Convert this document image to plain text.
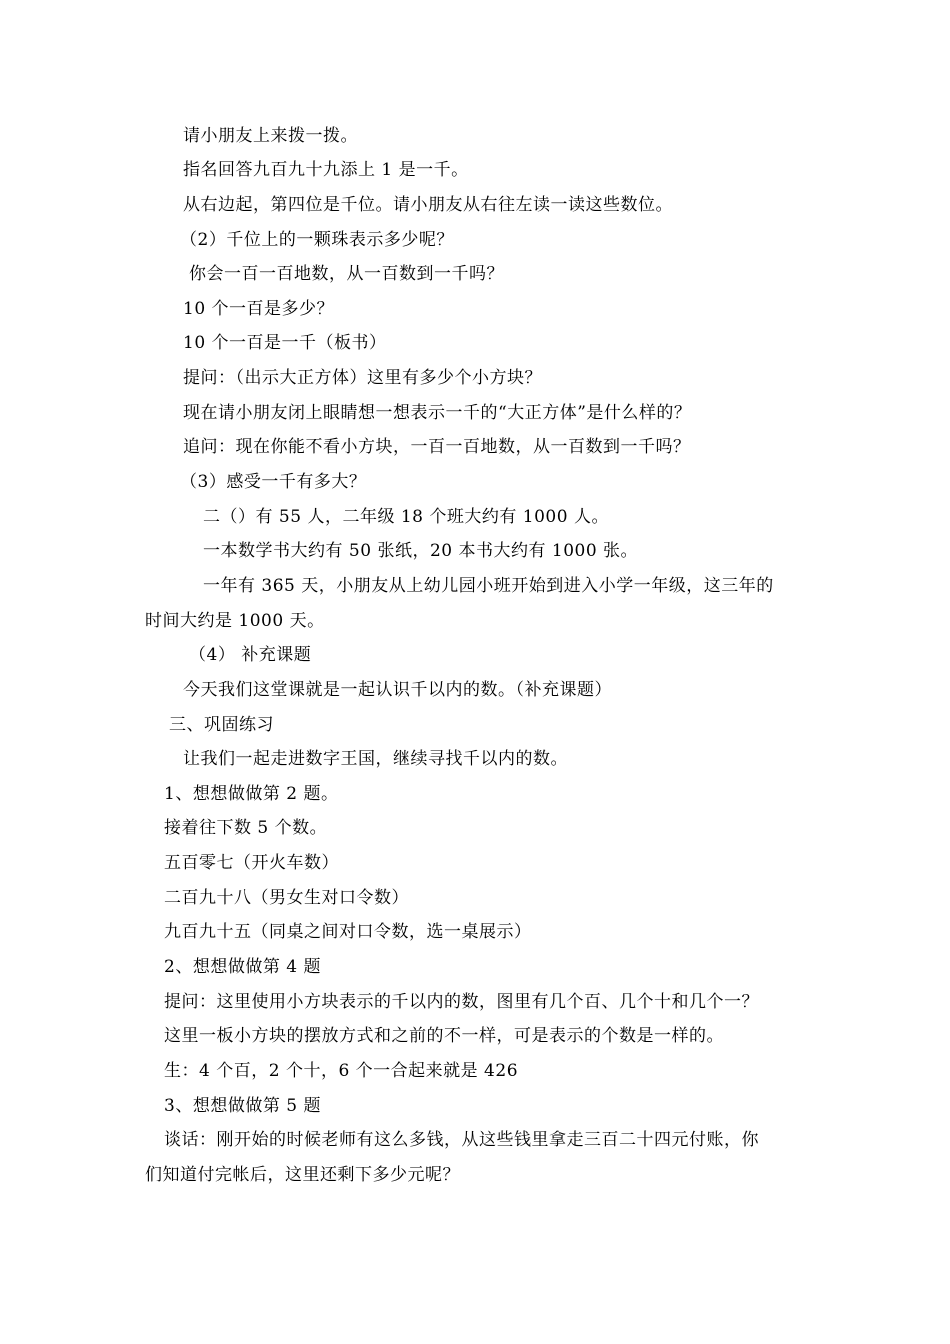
请小朋友上来拨一拨。
指名回答九百九十九添上 1 是一千。
从右边起，第四位是千位。请小朋友从右往左读一读这些数位。
（2）千位上的一颗珠表示多少呢？
你会一百一百地数，从一百数到一千吗？
10 个一百是多少？
10 个一百是一千（板书）
提问：（出示大正方体）这里有多少个小方块？
现在请小朋友闭上眼睛想一想表示一千的“大正方体”是什么样的？
追问：现在你能不看小方块，一百一百地数，从一百数到一千吗？
（3）感受一千有多大？
二（）有 55 人，二年级 18 个班大约有 1000 人。
一本数学书大约有 50 张纸，20 本书大约有 1000 张。
一年有 365 天，小朋友从上幼儿园小班开始到进入小学一年级，这三年的
时间大约是 1000 天。
（4） 补充课题
今天我们这堂课就是一起认识千以内的数。（补充课题）
三、巩固练习
让我们一起走进数字王国，继续寻找千以内的数。
1、想想做做第 2 题。
接着往下数 5 个数。
五百零七（开火车数）
二百九十八（男女生对口令数）
九百九十五（同桌之间对口令数，选一桌展示）
2、想想做做第 4 题
提问：这里使用小方块表示的千以内的数，图里有几个百、几个十和几个一？
这里一板小方块的摆放方式和之前的不一样，可是表示的个数是一样的。
生：4 个百，2 个十，6 个一合起来就是 426
3、想想做做第 5 题
谈话：刚开始的时候老师有这么多钱，从这些钱里拿走三百二十四元付账，你
们知道付完帐后，这里还剩下多少元呢？
